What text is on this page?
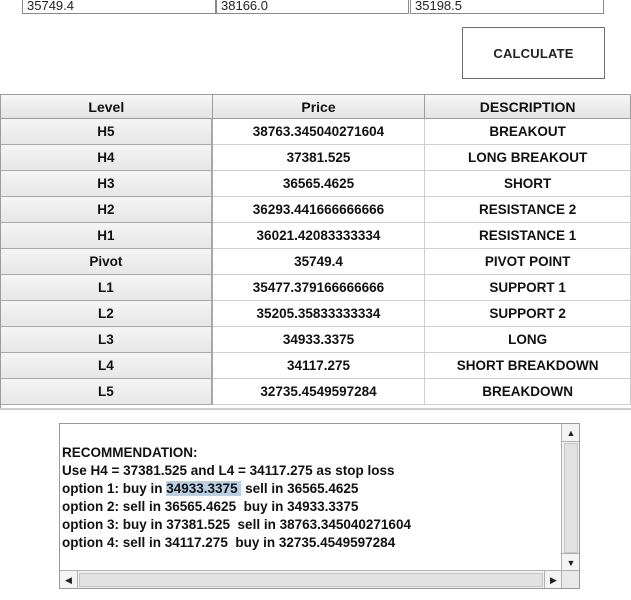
35749.4	38166.0	35198.5
CALCULATE
Level	Price	DESCRIPTION
H5	38763.345040271604	BREAKOUT
H4	37381.525	LONG BREAKOUT
H3	36565.4625	SHORT
H2	36293.441666666666	RESISTANCE 2
H1	36021.42083333334	RESISTANCE 1
Pivot	35749.4	PIVOT POINT
L1	35477.379166666666	SUPPORT 1
L2	35205.35833333334	SUPPORT 2
L3	34933.3375	LONG
L4	34117.275	SHORT BREAKDOWN
L5	32735.4549597284	BREAKDOWN
RECOMMENDATION:
Use H4 = 37381.525 and L4 = 34117.275 as stop loss
option 1: buy in 34933.3375  sell in 36565.4625
option 2: sell in 36565.4625  buy in 34933.3375
option 3: buy in 37381.525  sell in 38763.345040271604
option 4: sell in 34117.275  buy in 32735.4549597284
▲
▼
◀	▶
